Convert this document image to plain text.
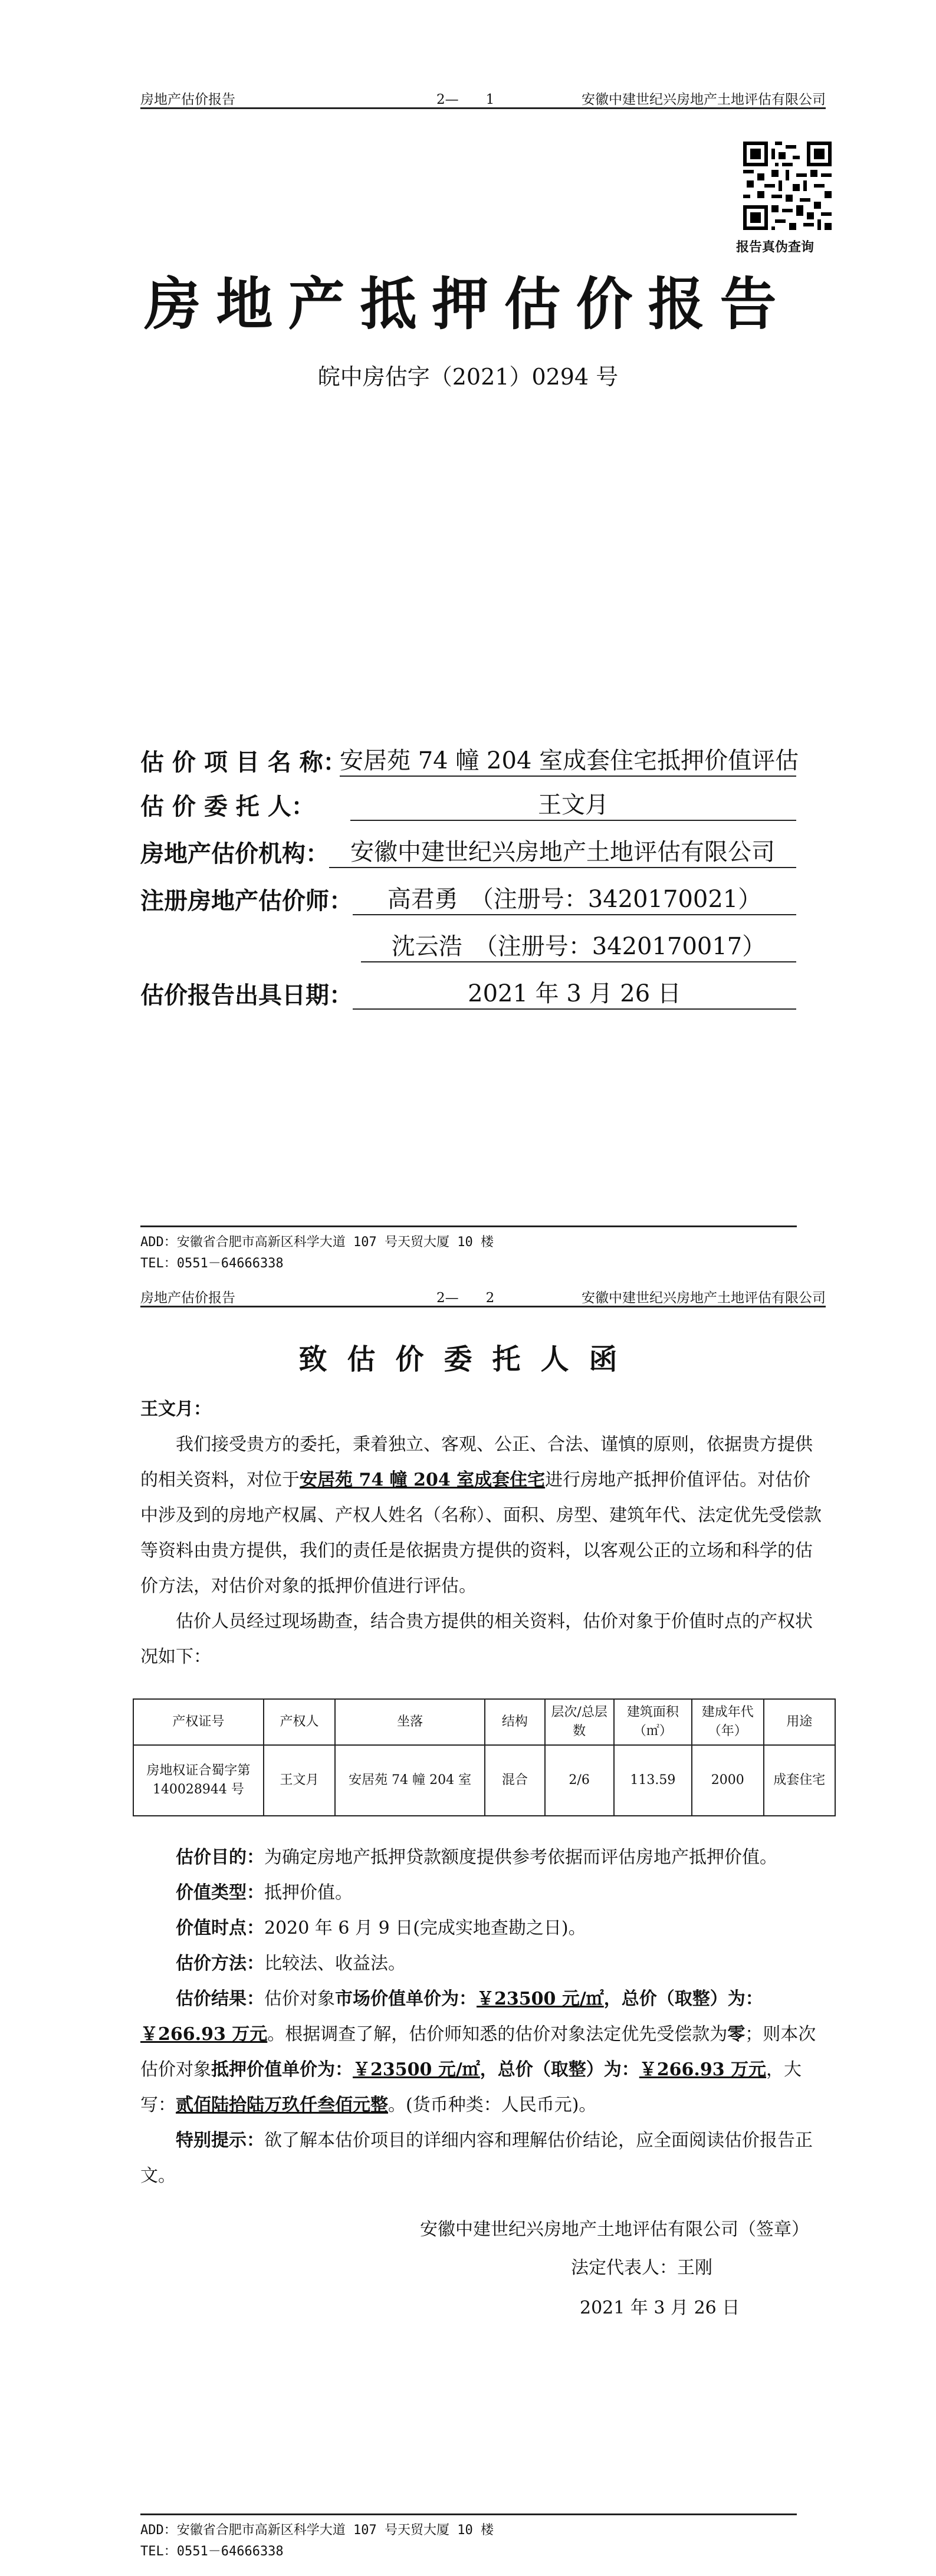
房地产估价报告	2—　　1	安徽中建世纪兴房地产土地评估有限公司
报告真伪查询
房地产抵押估价报告
皖中房估字（2021）0294 号
估 价 项 目 名 称：
安居苑 74 幢 204 室成套住宅抵押价值评估
估 价 委 托 人：	王文月
房地产估价机构： 安徽中建世纪兴房地产土地评估有限公司
注册房地产估价师：	高君勇　（注册号：3420170021）
沈云浩　（注册号：3420170017）
估价报告出具日期：	2021 年 3 月 26 日
ADD：安徽省合肥市高新区科学大道 107 号天贸大厦 10 楼
TEL：0551－64666338
房地产估价报告	2—　　2	安徽中建世纪兴房地产土地评估有限公司
致估价委托人函

王文月：

我们接受贵方的委托，秉着独立、客观、公正、合法、谨慎的原则，依据贵方提供的相关资料，对位于安居苑 74 幢 204 室成套住宅进行房地产抵押价值评估。对估价中涉及到的房地产权属、产权人姓名（名称）、面积、房型、建筑年代、法定优先受偿款等资料由贵方提供，我们的责任是依据贵方提供的资料，以客观公正的立场和科学的估价方法，对估价对象的抵押价值进行评估。

估价人员经过现场勘查，结合贵方提供的相关资料，估价对象于价值时点的产权状况如下：

产权证号	产权人	坐落	结构	层次/总层数	建筑面积（㎡）	建成年代（年）	用途
房地权证合蜀字第140028944 号	王文月	安居苑 74 幢 204 室	混合	2/6	113.59	2000	成套住宅
估价目的：为确定房地产抵押贷款额度提供参考依据而评估房地产抵押价值。
价值类型：抵押价值。
价值时点：2020 年 6 月 9 日(完成实地查勘之日)。
估价方法：比较法、收益法。

估价结果：估价对象市场价值单价为：￥23500 元/㎡，总价（取整）为：￥266.93 万元。根据调查了解，估价师知悉的估价对象法定优先受偿款为零；则本次估价对象抵押价值单价为：￥23500 元/㎡，总价（取整）为：￥266.93 万元，大写：贰佰陆拾陆万玖仟叁佰元整。(货币种类：人民币元)。

特别提示：欲了解本估价项目的详细内容和理解估价结论，应全面阅读估价报告正文。

安徽中建世纪兴房地产土地评估有限公司（签章）
法定代表人：王刚
2021 年 3 月 26 日
ADD：安徽省合肥市高新区科学大道 107 号天贸大厦 10 楼
TEL：0551－64666338
